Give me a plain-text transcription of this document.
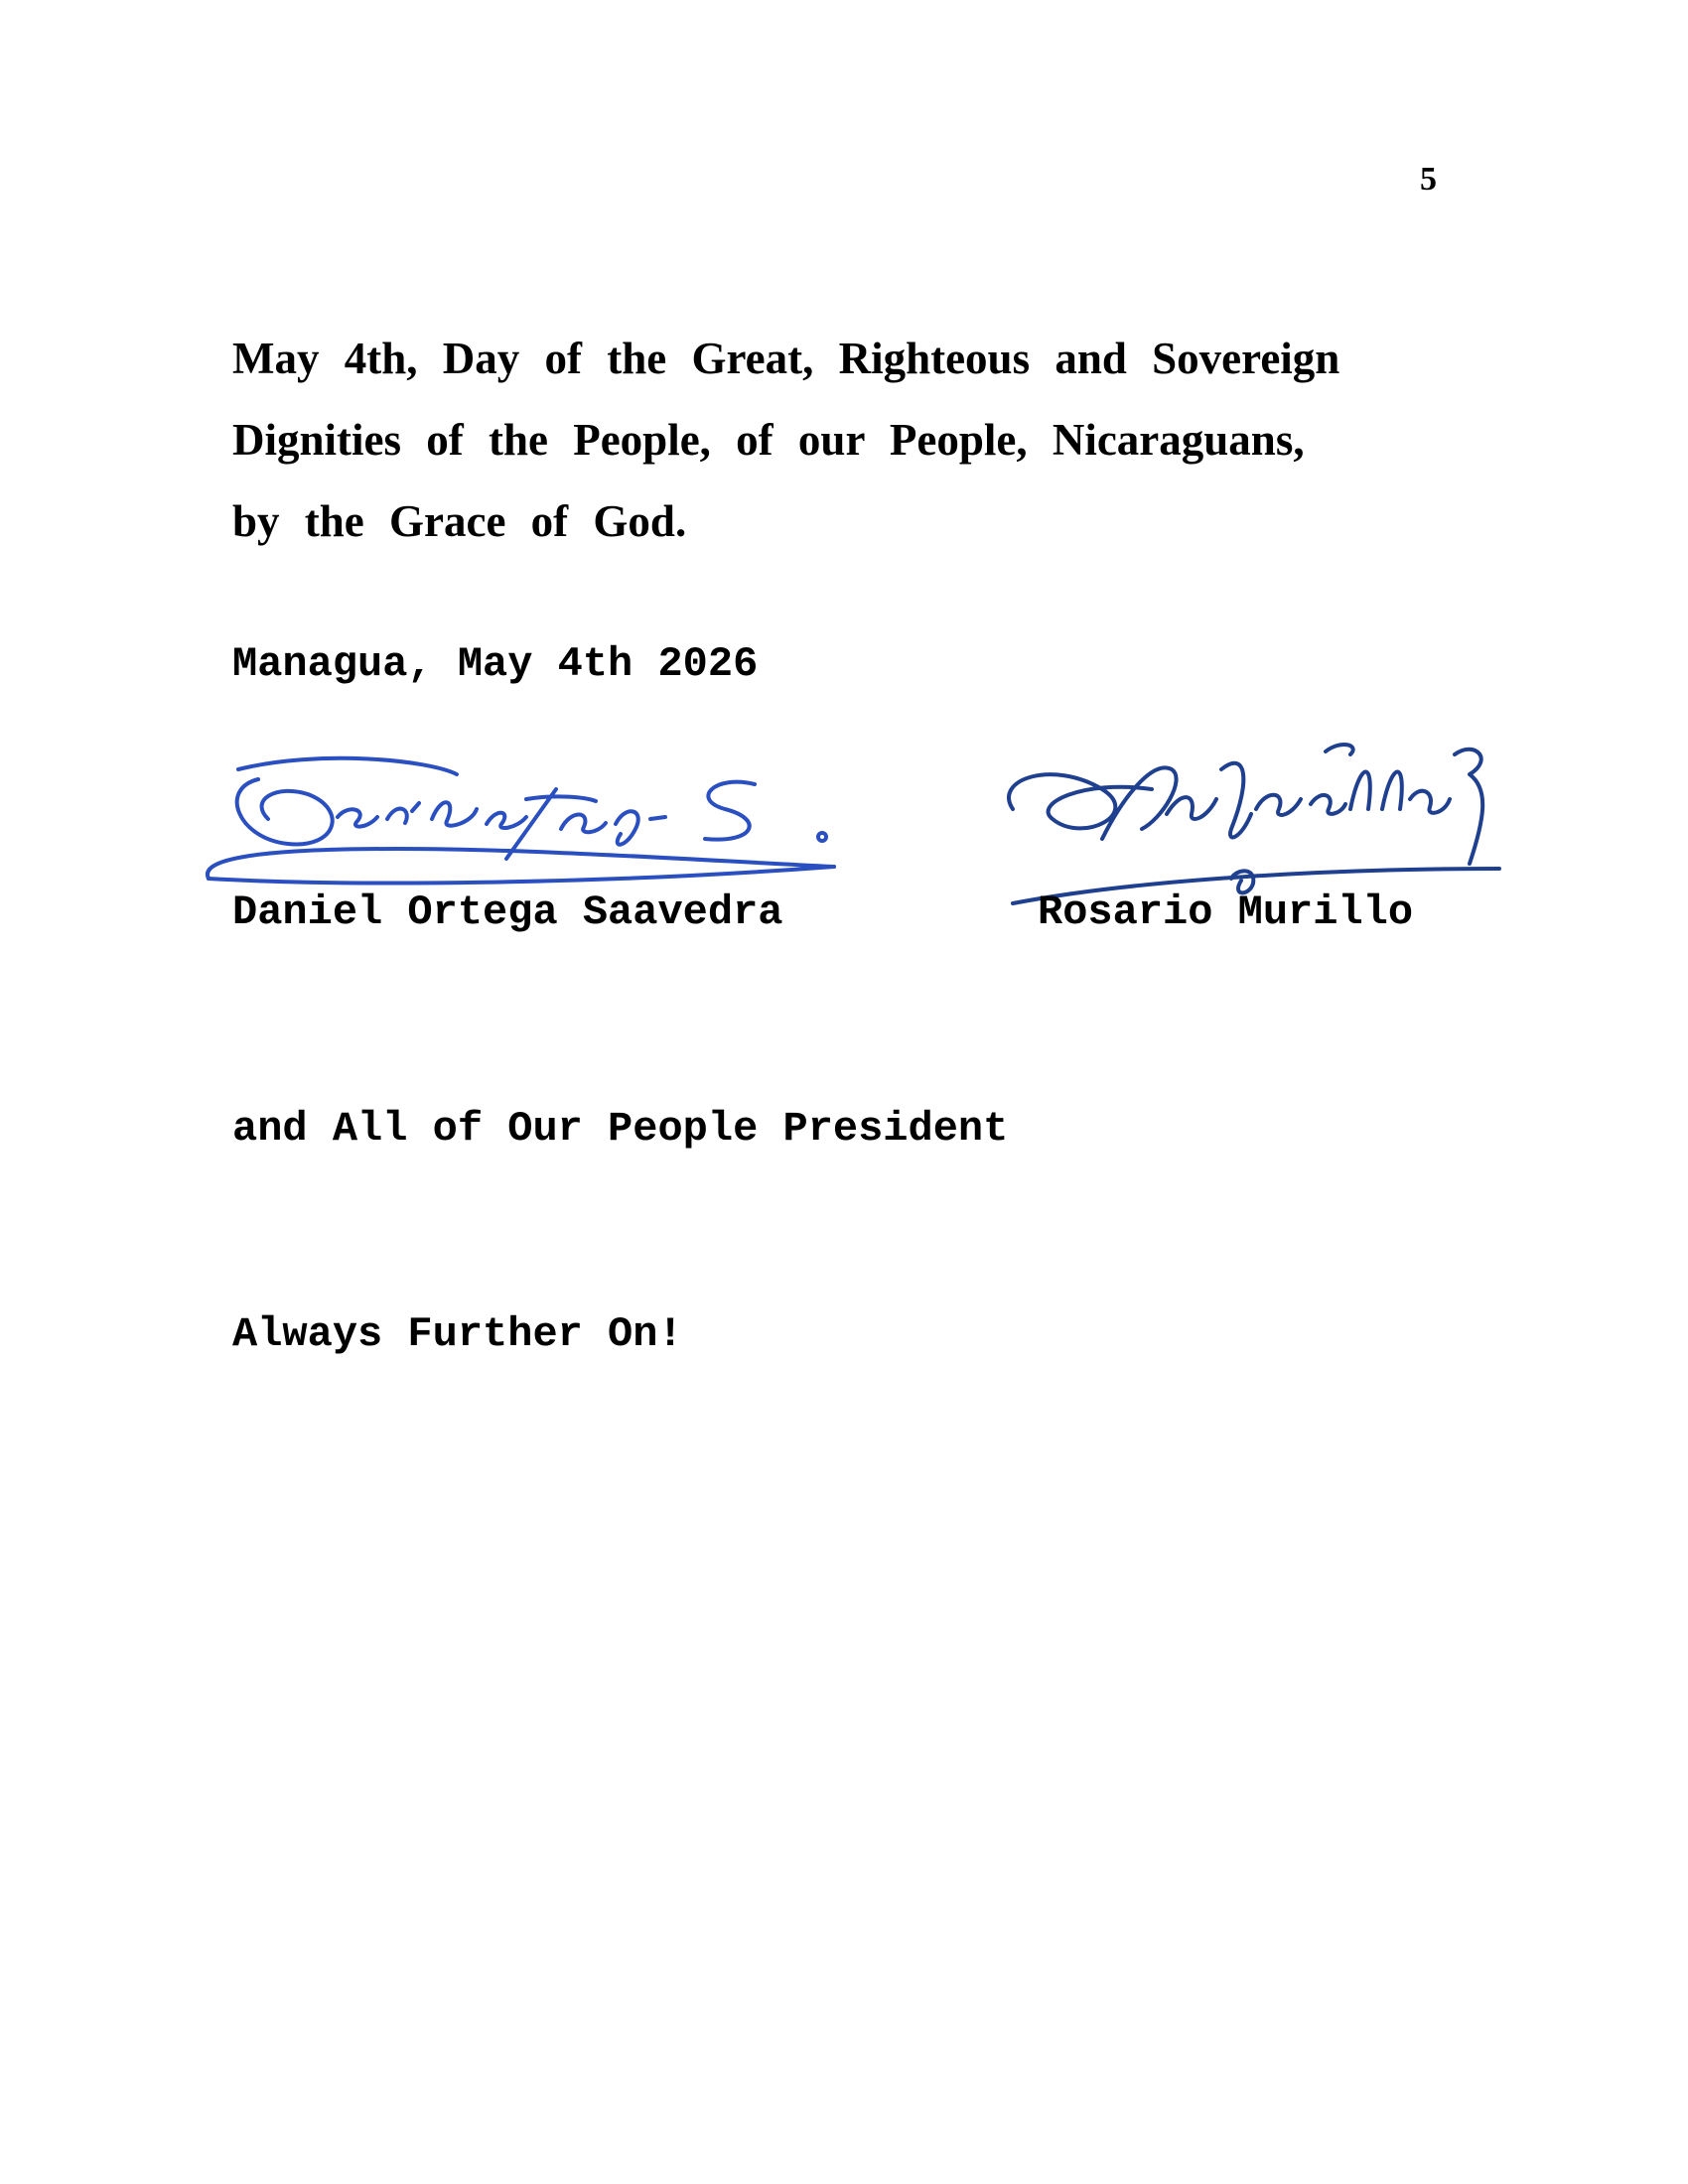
5
May 4th, Day of the Great, Righteous and Sovereign
Dignities of the People, of our People, Nicaraguans,
by the Grace of God.
Managua, May 4th 2026
Daniel Ortega Saavedra	Rosario Murillo

and All of Our People President

Always Further On!
